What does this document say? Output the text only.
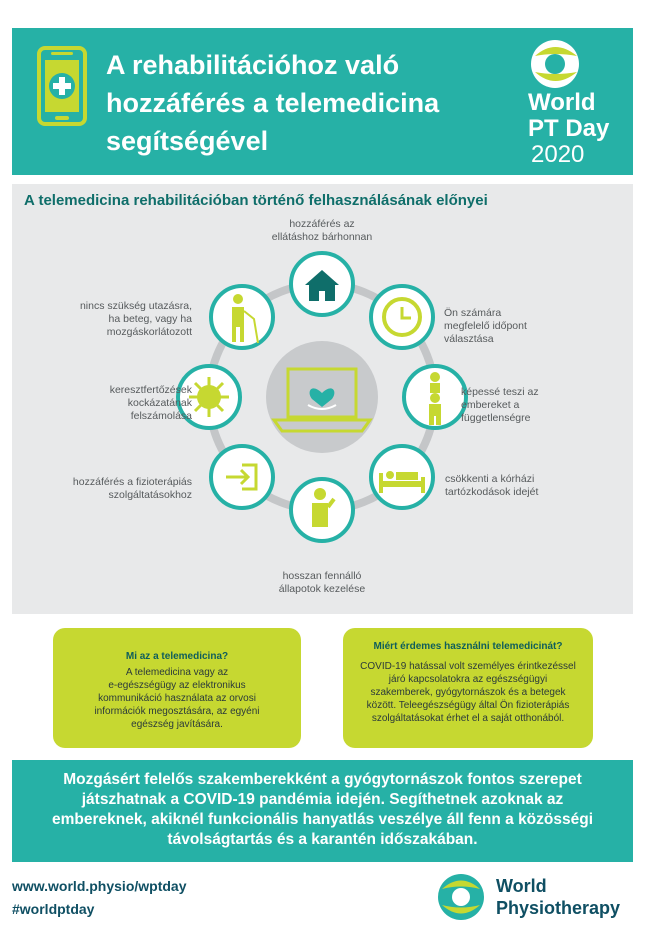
A rehabilitációhoz való
hozzáférés a telemedicina
segítségével
World
PT Day
2020
A telemedicina rehabilitációban történő felhasználásának előnyei
hozzáférés az
ellátáshoz bárhonnan
Ön számára
megfelelő időpont
választása
képessé teszi az
embereket a
függetlenségre
csökkenti a kórházi
tartózkodások idejét
hosszan fennálló
állapotok kezelése
hozzáférés a fizioterápiás
szolgáltatásokhoz
keresztfertőzések
kockázatának
felszámolása
nincs szükség utazásra,
ha beteg, vagy ha
mozgáskorlátozott
Mi az a telemedicina?
A telemedicina vagy az
e-egészségügy az elektronikus
kommunikáció használata az orvosi
információk megosztására, az egyéni
egészség javítására.
Miért érdemes használni telemedicinát?
COVID-19 hatással volt személyes érintkezéssel
járó kapcsolatokra az egészségügyi
szakemberek, gyógytornászok és a betegek
között. Teleegészségügy által Ön fizioterápiás
szolgáltatásokat érhet el a saját otthonából.
Mozgásért felelős szakemberekként a gyógytornászok fontos szerepet
játszhatnak a COVID-19 pandémia idején. Segíthetnek azoknak az
embereknek, akiknél funkcionális hanyatlás veszélye áll fenn a közösségi
távolságtartás és a karantén időszakában.
www.world.physio/wptday
#worldptday
World
Physiotherapy
